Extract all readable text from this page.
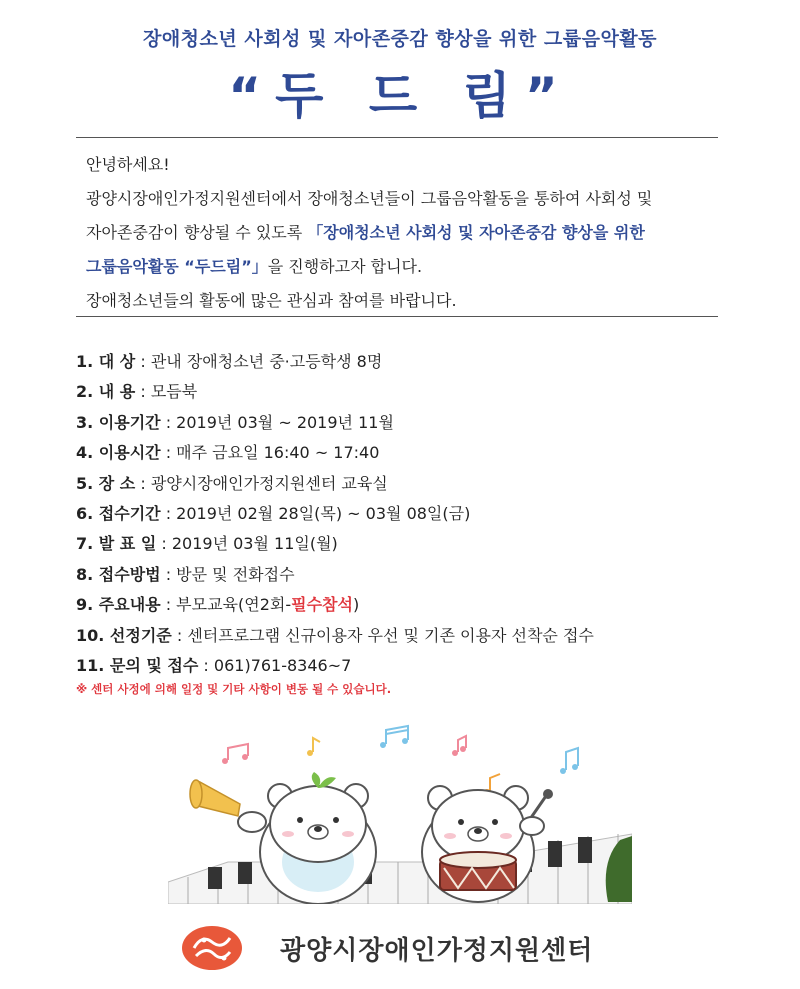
장애청소년 사회성 및 자아존중감 향상을 위한 그룹음악활동
“두 드 림”

안녕하세요!

광양시장애인가정지원센터에서 장애청소년들이 그룹음악활동을 통하여 사회성 및

자아존중감이 향상될 수 있도록 「장애청소년 사회성 및 자아존중감 향상을 위한

그룹음악활동 “두드림”」을 진행하고자 합니다.

장애청소년들의 활동에 많은 관심과 참여를 바랍니다.

1. 대 상 : 관내 장애청소년 중·고등학생 8명
2. 내 용 : 모듬북
3. 이용기간 : 2019년 03월 ~ 2019년 11월
4. 이용시간 : 매주 금요일 16:40 ~ 17:40
5. 장 소 : 광양시장애인가정지원센터 교육실
6. 접수기간 : 2019년 02월 28일(목) ~ 03월 08일(금)
7. 발 표 일 : 2019년 03월 11일(월)
8. 접수방법 : 방문 및 전화접수
9. 주요내용 : 부모교육(연2회-필수참석)
10. 선정기준 : 센터프로그램 신규이용자 우선 및 기존 이용자 선착순 접수
11. 문의 및 접수 : 061)761-8346~7
※ 센터 사정에 의해 일정 및 기타 사항이 변동 될 수 있습니다.
광양시장애인가정지원센터
